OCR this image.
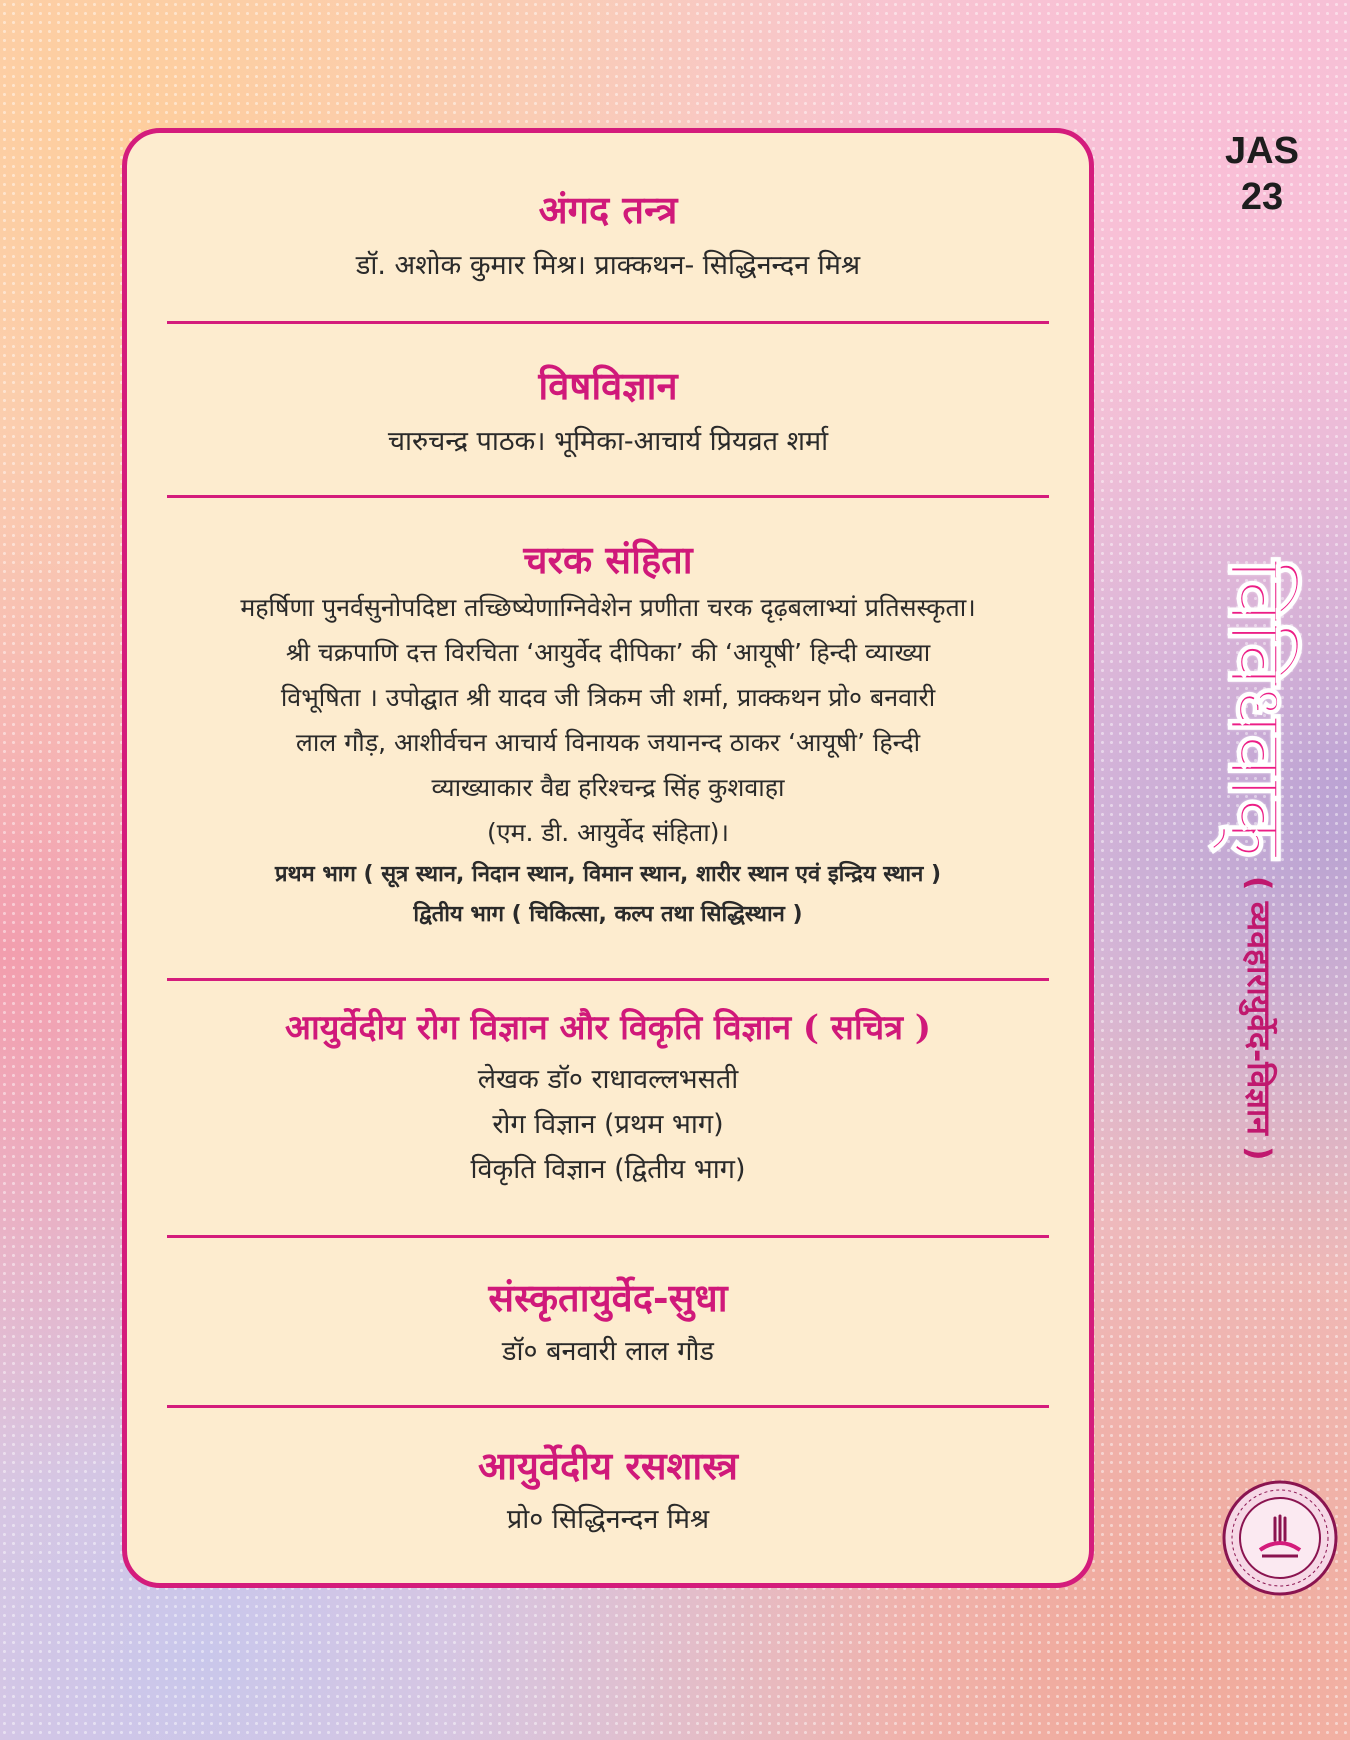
JAS
23
अंगद तन्त्र
डॉ. अशोक कुमार मिश्र। प्राक्कथन- सिद्धिनन्दन मिश्र
विषविज्ञान
चारुचन्द्र पाठक। भूमिका-आचार्य प्रियव्रत शर्मा
चरक संहिता
महर्षिणा पुनर्वसुनोपदिष्टा तच्छिष्येणाग्निवेशेन प्रणीता चरक दृढ़बलाभ्यां प्रतिसस्कृता।
श्री चक्रपाणि दत्त विरचिता ‘आयुर्वेद दीपिका’ की ‘आयूषी’ हिन्दी व्याख्या
विभूषिता । उपोद्घात श्री यादव जी त्रिकम जी शर्मा, प्राक्कथन प्रो० बनवारी
लाल गौड़, आशीर्वचन आचार्य विनायक जयानन्द ठाकर ‘आयूषी’ हिन्दी
व्याख्याकार वैद्य हरिश्चन्द्र सिंह कुशवाहा
(एम. डी. आयुर्वेद संहिता)।
प्रथम भाग ( सूत्र स्थान, निदान स्थान, विमान स्थान, शारीर स्थान एवं इन्द्रिय स्थान )
द्वितीय भाग ( चिकित्सा, कल्प तथा सिद्धिस्थान )
आयुर्वेदीय रोग विज्ञान और विकृति विज्ञान ( सचित्र )
लेखक डॉ० राधावल्लभसती
रोग विज्ञान (प्रथम भाग)
विकृति विज्ञान (द्वितीय भाग)
संस्कृतायुर्वेद-सुधा
डॉ० बनवारी लाल गौड
आयुर्वेदीय रसशास्त्र
प्रो० सिद्धिनन्दन मिश्र
विविधवाक्
( व्यवहारायुर्वेद-विज्ञान )
